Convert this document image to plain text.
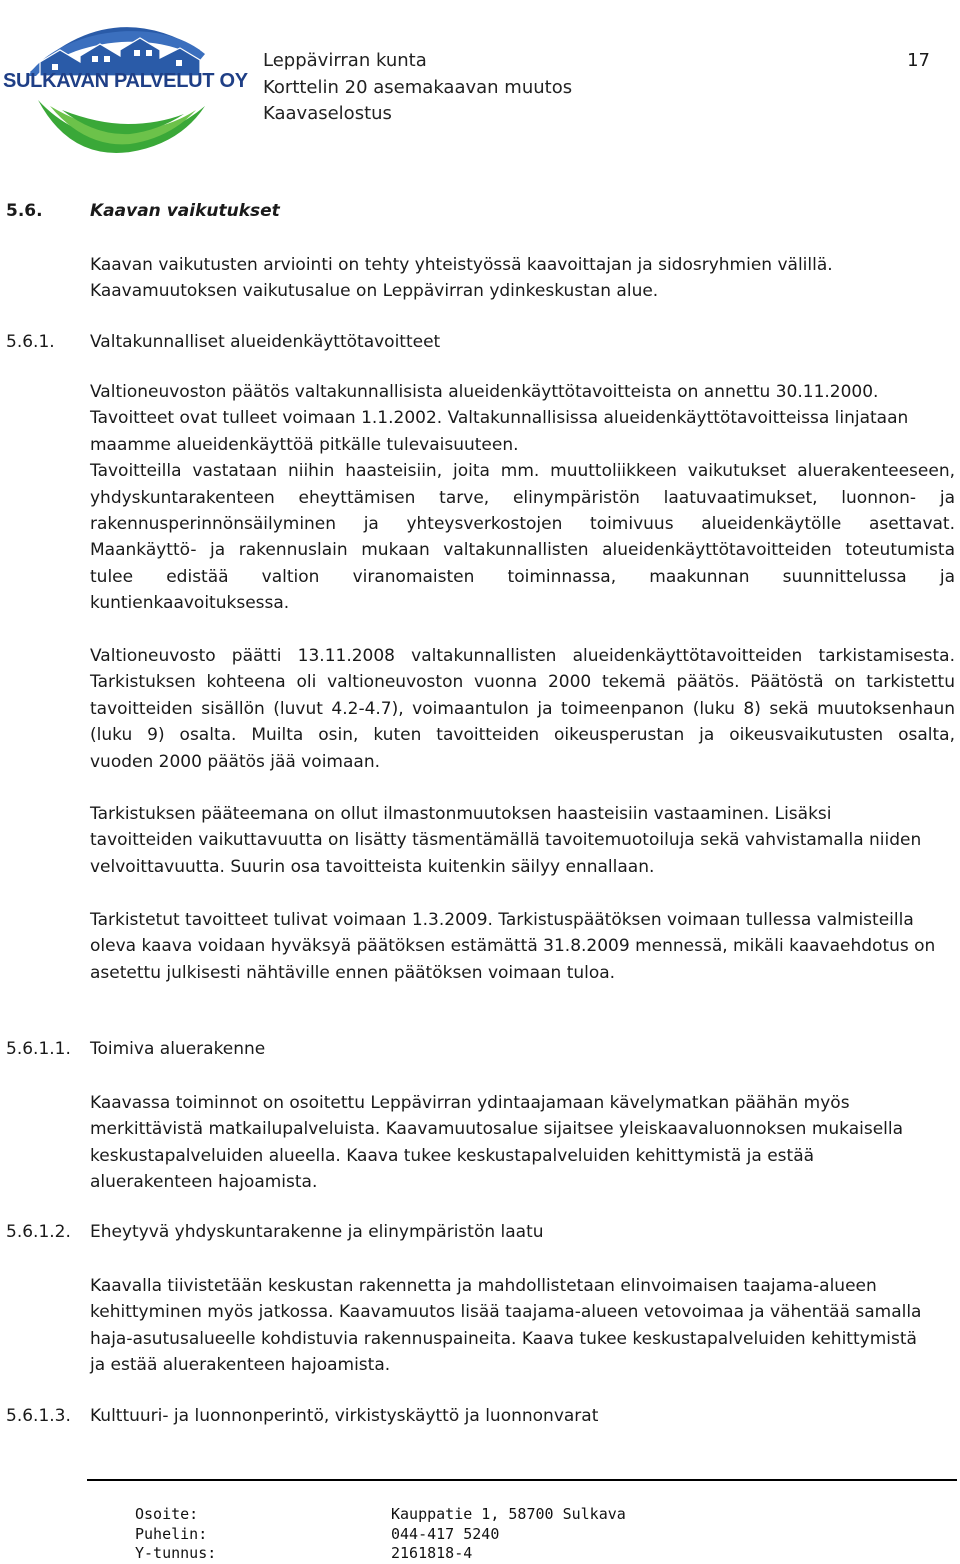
SULKAVAN PALVELUT OY
Leppävirran kunta
Korttelin 20 asemakaavan muutos
Kaavaselostus
17
5.6.	Kaavan vaikutukset
Kaavan vaikutusten arviointi on tehty yhteistyössä kaavoittajan ja sidosryhmien välillä.
Kaavamuutoksen vaikutusalue on Leppävirran ydinkeskustan alue.
5.6.1. Valtakunnalliset alueidenkäyttötavoitteet
Valtioneuvoston päätös valtakunnallisista alueidenkäyttötavoitteista on annettu 30.11.2000.
Tavoitteet ovat tulleet voimaan 1.1.2002. Valtakunnallisissa alueidenkäyttötavoitteissa linjataan
maamme alueidenkäyttöä pitkälle tulevaisuuteen.
Tavoitteilla vastataan niihin haasteisiin, joita mm. muuttoliikkeen vaikutukset aluerakenteeseen,
yhdyskuntarakenteen eheyttämisen tarve, elinympäristön laatuvaatimukset, luonnon- ja
rakennusperinnönsäilyminen ja yhteysverkostojen toimivuus alueidenkäytölle asettavat.
Maankäyttö- ja rakennuslain mukaan valtakunnallisten alueidenkäyttötavoitteiden toteutumista
tulee edistää valtion viranomaisten toiminnassa, maakunnan suunnittelussa ja
kuntienkaavoituksessa.
Valtioneuvosto päätti 13.11.2008 valtakunnallisten alueidenkäyttötavoitteiden tarkistamisesta.
Tarkistuksen kohteena oli valtioneuvoston vuonna 2000 tekemä päätös. Päätöstä on tarkistettu
tavoitteiden sisällön (luvut 4.2-4.7), voimaantulon ja toimeenpanon (luku 8) sekä muutoksenhaun
(luku 9) osalta. Muilta osin, kuten tavoitteiden oikeusperustan ja oikeusvaikutusten osalta,
vuoden 2000 päätös jää voimaan.
Tarkistuksen pääteemana on ollut ilmastonmuutoksen haasteisiin vastaaminen. Lisäksi
tavoitteiden vaikuttavuutta on lisätty täsmentämällä tavoitemuotoiluja sekä vahvistamalla niiden
velvoittavuutta. Suurin osa tavoitteista kuitenkin säilyy ennallaan.
Tarkistetut tavoitteet tulivat voimaan 1.3.2009. Tarkistuspäätöksen voimaan tullessa valmisteilla
oleva kaava voidaan hyväksyä päätöksen estämättä 31.8.2009 mennessä, mikäli kaavaehdotus on
asetettu julkisesti nähtäville ennen päätöksen voimaan tuloa.
5.6.1.1. Toimiva aluerakenne
Kaavassa toiminnot on osoitettu Leppävirran ydintaajamaan kävelymatkan päähän myös
merkittävistä matkailupalveluista. Kaavamuutosalue sijaitsee yleiskaavaluonnoksen mukaisella
keskustapalveluiden alueella. Kaava tukee keskustapalveluiden kehittymistä ja estää
aluerakenteen hajoamista.
5.6.1.2. Eheytyvä yhdyskuntarakenne ja elinympäristön laatu
Kaavalla tiivistetään keskustan rakennetta ja mahdollistetaan elinvoimaisen taajama-alueen
kehittyminen myös jatkossa. Kaavamuutos lisää taajama-alueen vetovoimaa ja vähentää samalla
haja-asutusalueelle kohdistuvia rakennuspaineita. Kaava tukee keskustapalveluiden kehittymistä
ja estää aluerakenteen hajoamista.
5.6.1.3. Kulttuuri- ja luonnonperintö, virkistyskäyttö ja luonnonvarat
Osoite:
Puhelin:
Y-tunnus:
Kauppatie 1, 58700 Sulkava
044-417 5240
2161818-4
